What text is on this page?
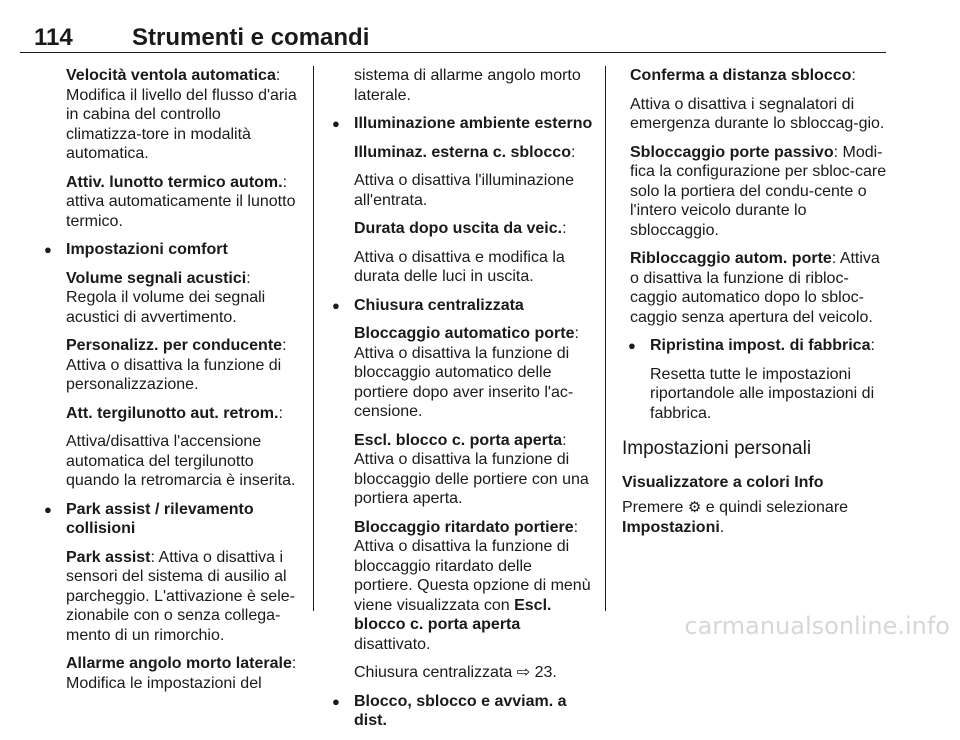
114 Strumenti e comandi

Velocità ventola automatica: Modifica il livello del flusso d'aria in cabina del controllo climatizza-tore in modalità automatica.

Attiv. lunotto termico autom.: attiva automaticamente il lunotto termico.

● Impostazioni comfort

Volume segnali acustici: Regola il volume dei segnali acustici di avvertimento.

Personalizz. per conducente: Attiva o disattiva la funzione di personalizzazione.

Att. tergilunotto aut. retrom.:

Attiva/disattiva l'accensione automatica del tergilunotto quando la retromarcia è inserita.

● Park assist / rilevamento collisioni

Park assist: Attiva o disattiva i sensori del sistema di ausilio al parcheggio. L'attivazione è sele-zionabile con o senza collega-mento di un rimorchio.

Allarme angolo morto laterale: Modifica le impostazioni del

sistema di allarme angolo morto laterale.

● Illuminazione ambiente esterno

Illuminaz. esterna c. sblocco:

Attiva o disattiva l'illuminazione all'entrata.

Durata dopo uscita da veic.:

Attiva o disattiva e modifica la durata delle luci in uscita.

● Chiusura centralizzata

Bloccaggio automatico porte: Attiva o disattiva la funzione di bloccaggio automatico delle portiere dopo aver inserito l'ac-censione.

Escl. blocco c. porta aperta: Attiva o disattiva la funzione di bloccaggio delle portiere con una portiera aperta.

Bloccaggio ritardato portiere: Attiva o disattiva la funzione di bloccaggio ritardato delle portiere. Questa opzione di menù viene visualizzata con Escl. blocco c. porta aperta disattivato.

Chiusura centralizzata ⇨ 23.

● Blocco, sblocco e avviam. a dist.

Conferma a distanza sblocco:

Attiva o disattiva i segnalatori di emergenza durante lo sbloccag-gio.

Sbloccaggio porte passivo: Modi-fica la configurazione per sbloc-care solo la portiera del condu-cente o l'intero veicolo durante lo sbloccaggio.

Ribloccaggio autom. porte: Attiva o disattiva la funzione di ribloc-caggio automatico dopo lo sbloc-caggio senza apertura del veicolo.

● Ripristina impost. di fabbrica:

Resetta tutte le impostazioni riportandole alle impostazioni di fabbrica.

Impostazioni personali
Visualizzatore a colori Info

Premere ⚙ e quindi selezionare Impostazioni.

carmanualsonline.info
